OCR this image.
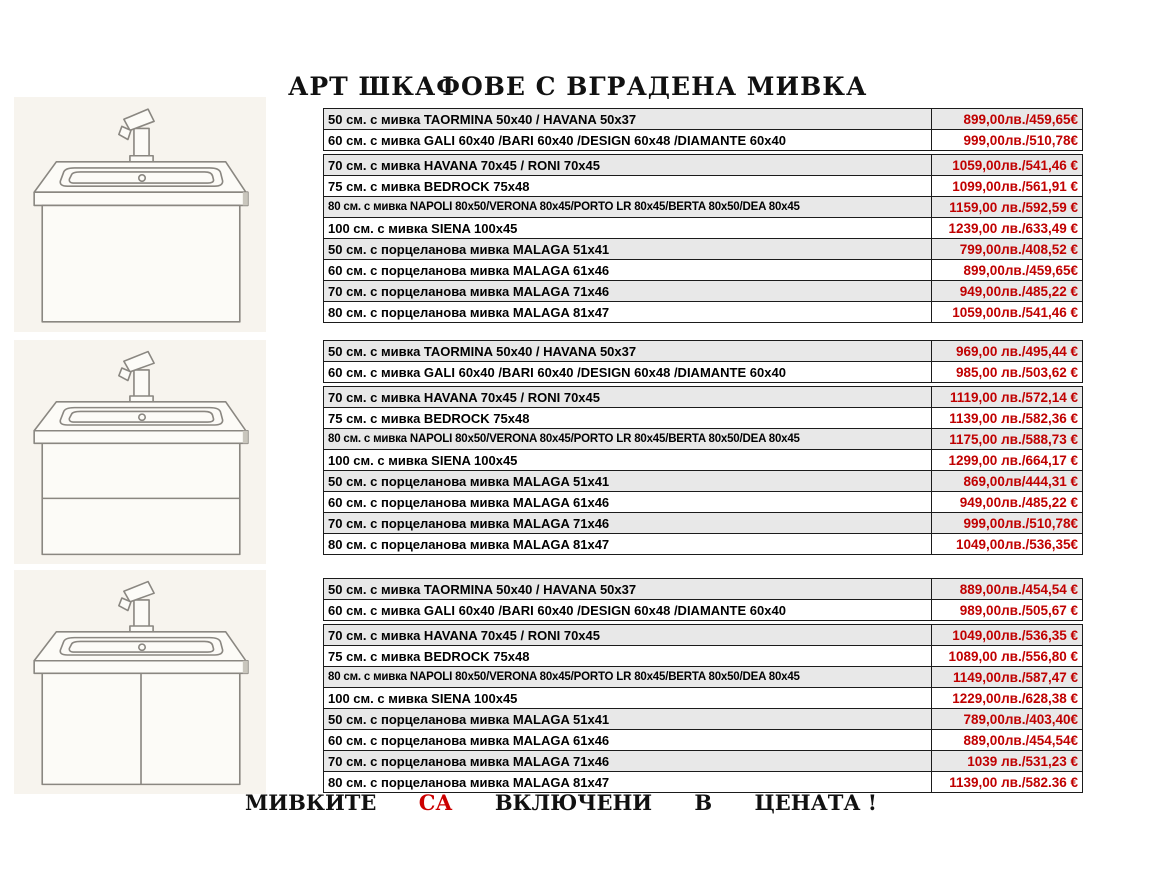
АРТ ШКАФОВЕ С ВГРАДЕНА МИВКА
50 см. с мивка TAORMINA 50x40 / HAVANA 50x37	899,00лв./459,65€
60 см. с мивка GALI 60x40 /BARI 60x40 /DESIGN 60x48 /DIAMANTE 60x40	999,00лв./510,78€
70 см. с мивка HAVANA 70x45 / RONI 70x45	1059,00лв./541,46 €
75 см. с мивка BEDROCK 75x48	1099,00лв./561,91 €
80 см. с мивка NAPOLI 80x50/VERONA 80x45/PORTO LR 80x45/BERTA 80x50/DEA 80x45	1159,00 лв./592,59 €
100 см. с мивка SIENA 100x45	1239,00 лв./633,49 €
50 см. с порцеланова мивка MALAGA 51x41	799,00лв./408,52 €
60 см. с порцеланова мивка MALAGA 61x46	899,00лв./459,65€
70 см. с порцеланова мивка MALAGA 71x46	949,00лв./485,22 €
80 см. с порцеланова мивка MALAGA 81x47	1059,00лв./541,46 €
50 см. с мивка TAORMINA 50x40 / HAVANA 50x37	969,00 лв./495,44 €
60 см. с мивка GALI 60x40 /BARI 60x40 /DESIGN 60x48 /DIAMANTE 60x40	985,00 лв./503,62 €
70 см. с мивка HAVANA 70x45 / RONI 70x45	1119,00 лв./572,14 €
75 см. с мивка BEDROCK 75x48	1139,00 лв./582,36 €
80 см. с мивка NAPOLI 80x50/VERONA 80x45/PORTO LR 80x45/BERTA 80x50/DEA 80x45	1175,00 лв./588,73 €
100 см. с мивка SIENA 100x45	1299,00 лв./664,17 €
50 см. с порцеланова мивка MALAGA 51x41	869,00лв/444,31 €
60 см. с порцеланова мивка MALAGA 61x46	949,00лв./485,22 €
70 см. с порцеланова мивка MALAGA 71x46	999,00лв./510,78€
80 см. с порцеланова мивка MALAGA 81x47	1049,00лв./536,35€
50 см. с мивка TAORMINA 50x40 / HAVANA 50x37	889,00лв./454,54 €
60 см. с мивка GALI 60x40 /BARI 60x40 /DESIGN 60x48 /DIAMANTE 60x40	989,00лв./505,67 €
70 см. с мивка HAVANA 70x45 / RONI 70x45	1049,00лв./536,35 €
75 см. с мивка BEDROCK 75x48	1089,00 лв./556,80 €
80 см. с мивка NAPOLI 80x50/VERONA 80x45/PORTO LR 80x45/BERTA 80x50/DEA 80x45	1149,00лв./587,47 €
100 см. с мивка SIENA 100x45	1229,00лв./628,38 €
50 см. с порцеланова мивка MALAGA 51x41	789,00лв./403,40€
60 см. с порцеланова мивка MALAGA 61x46	889,00лв./454,54€
70 см. с порцеланова мивка MALAGA 71x46	1039 лв./531,23 €
80 см. с порцеланова мивка MALAGA 81x47	1139,00 лв./582.36 €
МИВКИТЕ СА ВКЛЮЧЕНИ В ЦЕНАТА !
